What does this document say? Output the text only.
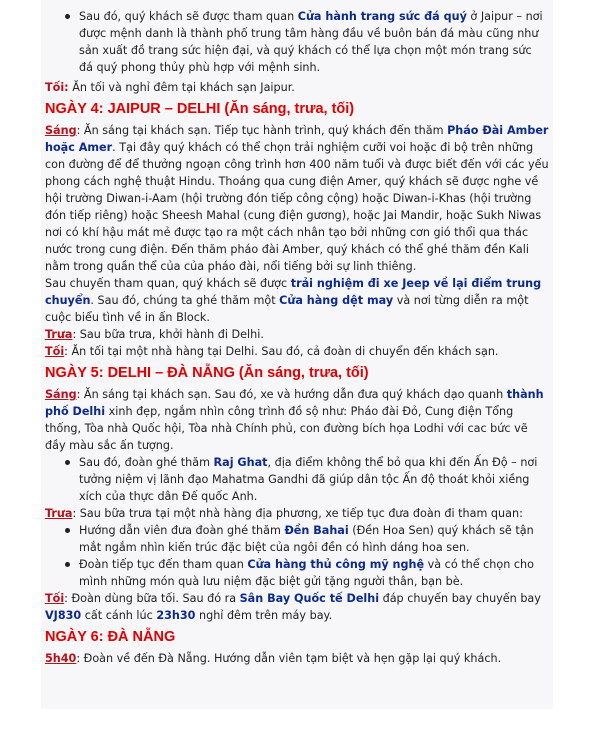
Sau đó, quý khách sẽ được tham quan Cửa hành trang sức đá quý ở Jaipur – nơi được mệnh danh là thành phố trung tâm hàng đầu về buôn bán đá màu cũng như sản xuất đồ trang sức hiện đại, và quý khách có thể lựa chọn một món trang sức đá quý phong thủy phù hợp với mệnh sinh.

Tối: Ăn tối và nghỉ đêm tại khách sạn Jaipur.

NGÀY 4: JAIPUR – DELHI (Ăn sáng, trưa, tối)

Sáng: Ăn sáng tại khách sạn. Tiếp tục hành trình, quý khách đến thăm Pháo Đài Amber hoặc Amer. Tại đây quý khách có thể chọn trải nghiệm cưỡi voi hoặc đi bộ trên những con đường để để thưởng ngoạn công trình hơn 400 năm tuổi và được biết đến với các yếu phong cách nghệ thuật Hindu. Thoáng qua cung điện Amer, quý khách sẽ được nghe về hội trường Diwan-i-Aam (hội trường đón tiếp công cộng) hoặc Diwan-i-Khas (hội trường đón tiếp riêng) hoặc Sheesh Mahal (cung điện gương), hoặc Jai Mandir, hoặc Sukh Niwas nơi có khí hậu mát mẻ được tạo ra một cách nhân tạo bởi những cơn gió thổi qua thác nước trong cung điện. Đến thăm pháo đài Amber, quý khách có thể ghé thăm đền Kali nằm trong quần thể của của pháo đài, nổi tiếng bởi sự linh thiêng.

Sau chuyến tham quan, quý khách sẽ được trải nghiệm đi xe Jeep về lại điểm trung chuyển. Sau đó, chúng ta ghé thăm một Cửa hàng dệt may và nơi từng diễn ra một cuộc biểu tình về in ấn Block.

Trưa: Sau bữa trưa, khởi hành đi Delhi.

Tối: Ăn tối tại một nhà hàng tại Delhi. Sau đó, cả đoàn di chuyển đến khách sạn.

NGÀY 5: DELHI – ĐÀ NẴNG (Ăn sáng, trưa, tối)

Sáng: Ăn sáng tại khách sạn. Sau đó, xe và hướng dẫn đưa quý khách dạo quanh thành phố Delhi xinh đẹp, ngắm nhìn công trình đồ sộ như: Pháo đài Đỏ, Cung điện Tổng thống, Tòa nhà Quốc hội, Tòa nhà Chính phủ, con đường bích họa Lodhi với cac bức vẽ đầy màu sắc ấn tượng.

Sau đó, đoàn ghé thăm Raj Ghat, địa điểm không thể bỏ qua khi đến Ấn Độ – nơi tưởng niệm vị lãnh đạo Mahatma Gandhi đã giúp dân tộc Ấn độ thoát khỏi xiềng xích của thực dân Đế quốc Anh.

Trưa: Sau bữa trưa tại một nhà hàng địa phương, xe tiếp tục đưa đoàn đi tham quan:

Hướng dẫn viên đưa đoàn ghé thăm Đền Bahai (Đền Hoa Sen) quý khách sẽ tận mắt ngắm nhìn kiến trúc đặc biệt của ngôi đền có hình dáng hoa sen.

Đoàn tiếp tục đến tham quan Cửa hàng thủ công mỹ nghệ và có thể chọn cho mình những món quà lưu niệm đặc biệt gửi tặng người thân, bạn bè.

Tối: Đoàn dùng bữa tối. Sau đó ra Sân Bay Quốc tế Delhi đáp chuyến bay chuyến bay VJ830 cất cánh lúc 23h30 nghỉ đêm trên máy bay.

NGÀY 6: ĐÀ NẴNG

5h40: Đoàn về đến Đà Nẵng. Hướng dẫn viên tạm biệt và hẹn gặp lại quý khách.
